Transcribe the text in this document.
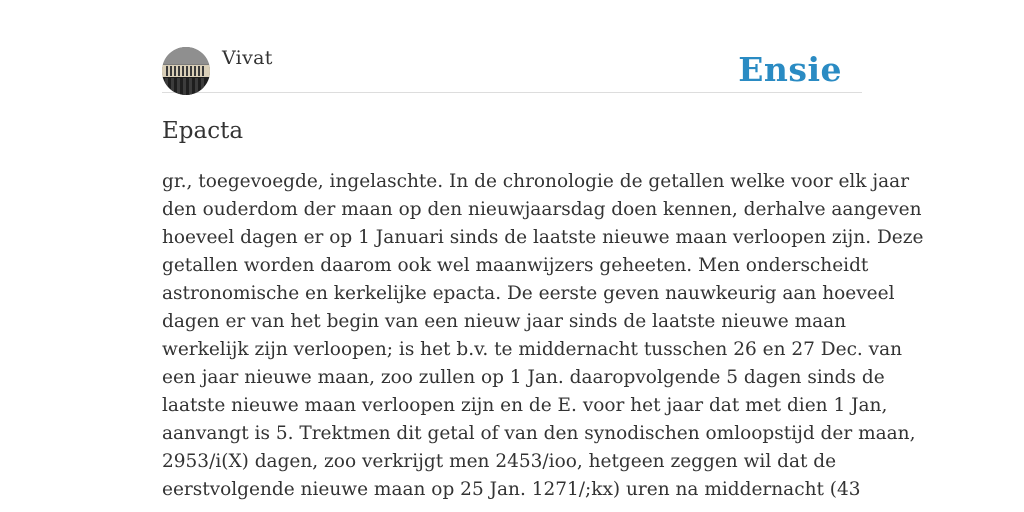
Vivat	Ensie
Epacta

gr., toegevoegde, ingelaschte. In de chronologie de getallen welke voor elk jaar
den ouderdom der maan op den nieuwjaarsdag doen kennen, derhalve aangeven
hoeveel dagen er op 1 Januari sinds de laatste nieuwe maan verloopen zijn. Deze
getallen worden daarom ook wel maanwijzers geheeten. Men onderscheidt
astronomische en kerkelijke epacta. De eerste geven nauwkeurig aan hoeveel
dagen er van het begin van een nieuw jaar sinds de laatste nieuwe maan
werkelijk zijn verloopen; is het b.v. te middernacht tusschen 26 en 27 Dec. van
een jaar nieuwe maan, zoo zullen op 1 Jan. daaropvolgende 5 dagen sinds de
laatste nieuwe maan verloopen zijn en de E. voor het jaar dat met dien 1 Jan,
aanvangt is 5. Trektmen dit getal of van den synodischen omloopstijd der maan,
2953/i(X) dagen, zoo verkrijgt men 2453/ioo, hetgeen zeggen wil dat de
eerstvolgende nieuwe maan op 25 Jan. 1271/;kx) uren na middernacht (43
